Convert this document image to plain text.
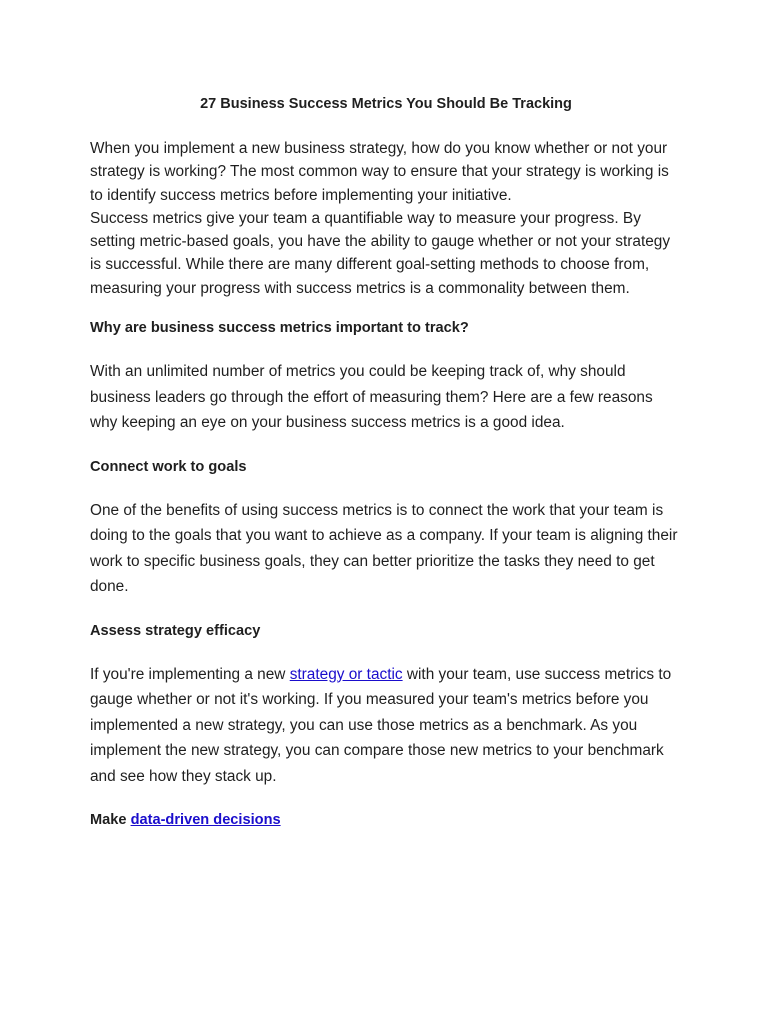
27 Business Success Metrics You Should Be Tracking

When you implement a new business strategy, how do you know whether or not your strategy is working? The most common way to ensure that your strategy is working is to identify success metrics before implementing your initiative.

Success metrics give your team a quantifiable way to measure your progress. By setting metric-based goals, you have the ability to gauge whether or not your strategy is successful. While there are many different goal-setting methods to choose from, measuring your progress with success metrics is a commonality between them.

Why are business success metrics important to track?

With an unlimited number of metrics you could be keeping track of, why should business leaders go through the effort of measuring them? Here are a few reasons why keeping an eye on your business success metrics is a good idea.

Connect work to goals

One of the benefits of using success metrics is to connect the work that your team is doing to the goals that you want to achieve as a company. If your team is aligning their work to specific business goals, they can better prioritize the tasks they need to get done.

Assess strategy efficacy

If you're implementing a new strategy or tactic with your team, use success metrics to gauge whether or not it's working. If you measured your team's metrics before you implemented a new strategy, you can use those metrics as a benchmark. As you implement the new strategy, you can compare those new metrics to your benchmark and see how they stack up.

Make data-driven decisions
